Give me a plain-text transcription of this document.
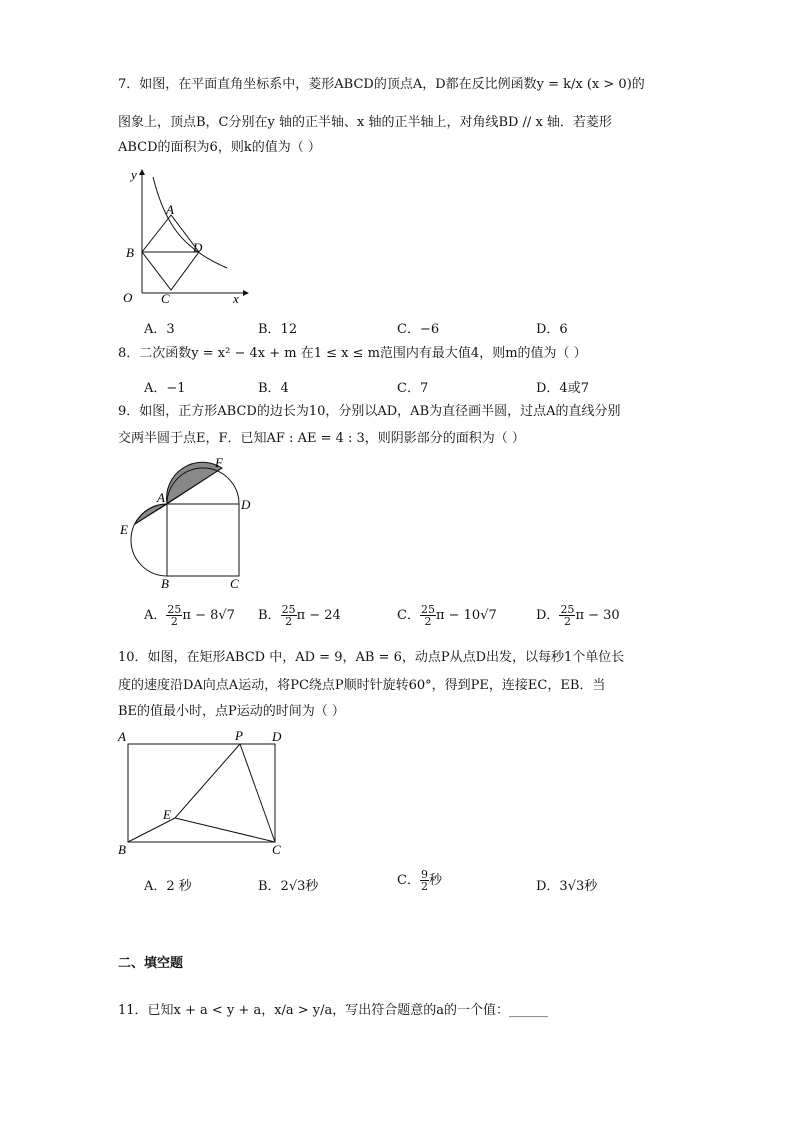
7．如图，在平面直角坐标系中，菱形ABCD的顶点A，D都在反比例函数y = k/x (x > 0)的
图象上，顶点B，C分别在y 轴的正半轴、x 轴的正半轴上，对角线BD // x 轴．若菱形
ABCD的面积为6，则k的值为（ ）
y
x
O
A
B
C
D
A．3	B．12	C．−6	D．6
8．二次函数y = x² − 4x + m 在1 ≤ x ≤ m范围内有最大值4，则m的值为（ ）
A．−1	B．4	C．7	D．4或7
9．如图，正方形ABCD的边长为10，分别以AD，AB为直径画半圆，过点A的直线分别
交两半圆于点E，F．已知AF : AE = 4 : 3，则阴影部分的面积为（ ）
A
B	C
D
E
F
A． $\frac{25}{2}$ π − 8√7 B． $\frac{25}{2}$ π − 24	C． $\frac{25}{2}$ π − 10√7	D． $\frac{25}{2}$ π − 30
10．如图，在矩形ABCD 中，AD = 9，AB = 6，动点P从点D出发，以每秒1个单位长
度的速度沿DA向点A运动，将PC绕点P顺时针旋转60°，得到PE，连接EC，EB．当
BE的值最小时，点P运动的时间为（ ）
A
B	C
D
P
E
A．2 秒	B．2√3秒	C． $\frac{9}{2}$ 秒	D．3√3秒
二、填空题
11．已知x + a < y + a，x/a > y/a，写出符合题意的a的一个值：______
